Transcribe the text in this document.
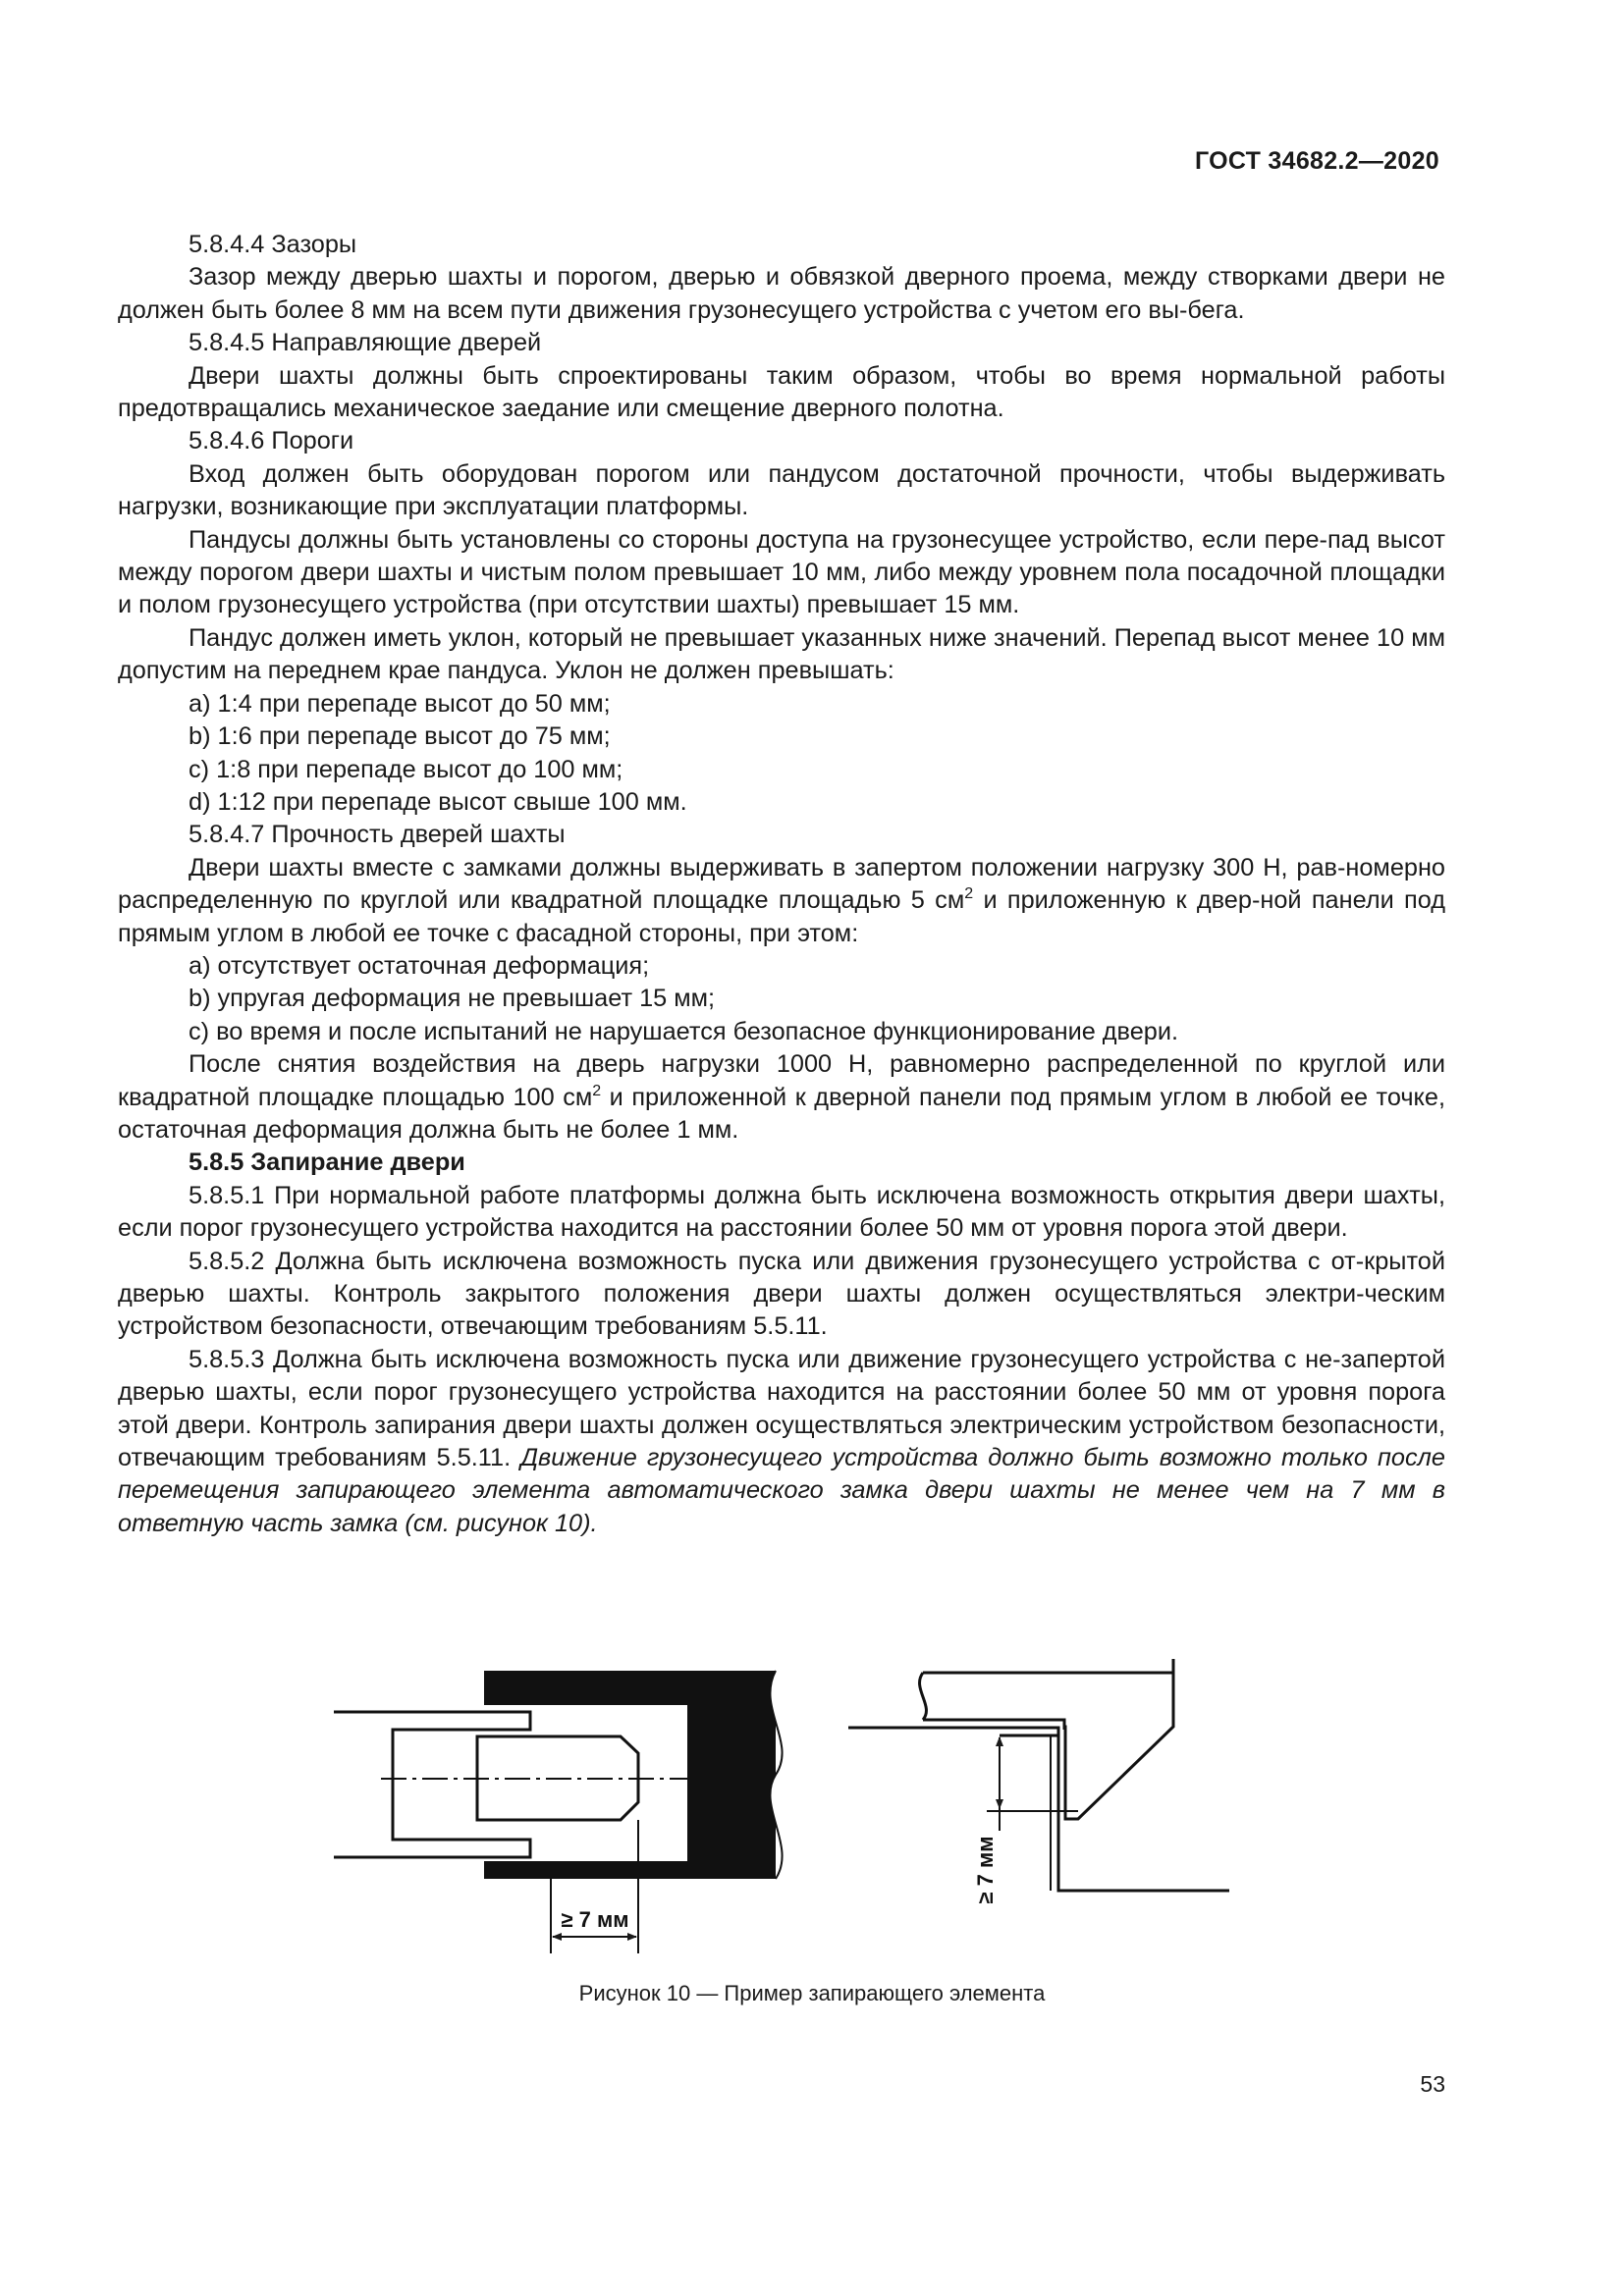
ГОСТ 34682.2—2020

5.8.4.4 Зазоры

Зазор между дверью шахты и порогом, дверью и обвязкой дверного проема, между створками двери не должен быть более 8 мм на всем пути движения грузонесущего устройства с учетом его вы-бега.

5.8.4.5 Направляющие дверей

Двери шахты должны быть спроектированы таким образом, чтобы во время нормальной работы предотвращались механическое заедание или смещение дверного полотна.

5.8.4.6 Пороги

Вход должен быть оборудован порогом или пандусом достаточной прочности, чтобы выдерживать нагрузки, возникающие при эксплуатации платформы.

Пандусы должны быть установлены со стороны доступа на грузонесущее устройство, если пере-пад высот между порогом двери шахты и чистым полом превышает 10 мм, либо между уровнем пола посадочной площадки и полом грузонесущего устройства (при отсутствии шахты) превышает 15 мм.

Пандус должен иметь уклон, который не превышает указанных ниже значений. Перепад высот менее 10 мм допустим на переднем крае пандуса. Уклон не должен превышать:

a) 1:4 при перепаде высот до 50 мм;

b) 1:6 при перепаде высот до 75 мм;

c) 1:8 при перепаде высот до 100 мм;

d) 1:12 при перепаде высот свыше 100 мм.

5.8.4.7 Прочность дверей шахты

Двери шахты вместе с замками должны выдерживать в запертом положении нагрузку 300 Н, рав-номерно распределенную по круглой или квадратной площадке площадью 5 $см^2$ и приложенную к двер-ной панели под прямым углом в любой ее точке с фасадной стороны, при этом:

a) отсутствует остаточная деформация;

b) упругая деформация не превышает 15 мм;

c) во время и после испытаний не нарушается безопасное функционирование двери.

После снятия воздействия на дверь нагрузки 1000 Н, равномерно распределенной по круглой или квадратной площадке площадью 100 $см^2$ и приложенной к дверной панели под прямым углом в любой ее точке, остаточная деформация должна быть не более 1 мм.

5.8.5 Запирание двери

5.8.5.1 При нормальной работе платформы должна быть исключена возможность открытия двери шахты, если порог грузонесущего устройства находится на расстоянии более 50 мм от уровня порога этой двери.

5.8.5.2 Должна быть исключена возможность пуска или движения грузонесущего устройства с от-крытой дверью шахты. Контроль закрытого положения двери шахты должен осуществляться электри-ческим устройством безопасности, отвечающим требованиям 5.5.11.

5.8.5.3 Должна быть исключена возможность пуска или движение грузонесущего устройства с не-запертой дверью шахты, если порог грузонесущего устройства находится на расстоянии более 50 мм от уровня порога этой двери. Контроль запирания двери шахты должен осуществляться электрическим устройством безопасности, отвечающим требованиям 5.5.11. Движение грузонесущего устройства должно быть возможно только после перемещения запирающего элемента автоматического замка двери шахты не менее чем на 7 мм в ответную часть замка (см. рисунок 10).

≥ 7 мм
≥ 7 мм
Рисунок 10 — Пример запирающего элемента
53
